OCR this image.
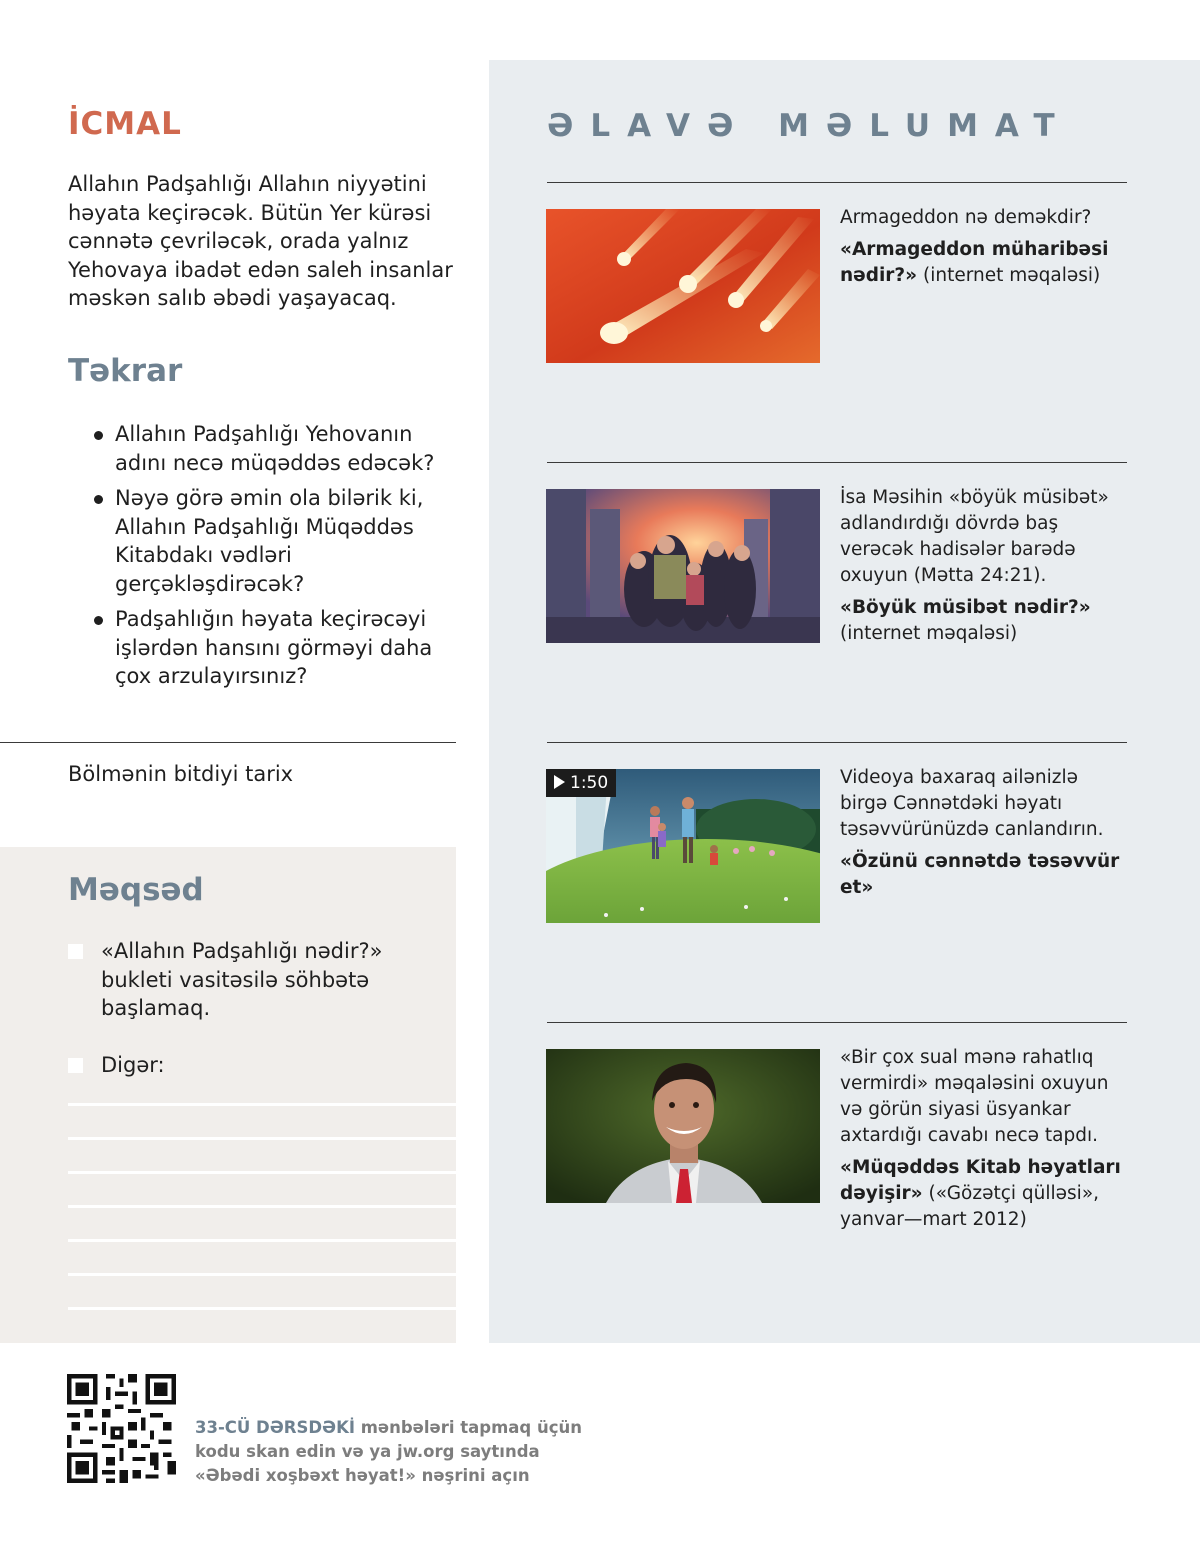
İCMAL

Allahın Padşahlığı Allahın niyyətini həyata keçirəcək. Bütün Yer kürəsi cənnətə çevriləcək, orada yalnız Yehovaya ibadət edən saleh insanlar məskən salıb əbədi yaşayacaq.

Təkrar
Allahın Padşahlığı Yehovanın adını necə müqəddəs edəcək?
Nəyə görə əmin ola bilərik ki, Allahın Padşahlığı Müqəddəs Kitabdakı vədləri gerçəkləşdirəcək?
Padşahlığın həyata keçirəcəyi işlərdən hansını görməyi daha çox arzulayırsınız?
Bölmənin bitdiyi tarix
Məqsəd
«Allahın Padşahlığı nədir?» bukleti vasitəsilə söhbətə başlamaq.
Digər:
ƏLAVƏ MƏLUMAT
Armageddon nə deməkdir?
«Armageddon müharibəsi nədir?» (internet məqaləsi)
İsa Məsihin «böyük müsibət» adlandırdığı dövrdə baş verəcək hadisələr barədə oxuyun (Mətta 24:21).
«Böyük müsibət nədir?» (internet məqaləsi)
1:50	Videoya baxaraq ailənizlə birgə Cənnətdəki həyatı təsəvvürünüzdə canlandırın.
«Özünü cənnətdə təsəvvür et»
«Bir çox sual mənə rahatlıq vermirdi» məqaləsini oxuyun və görün siyasi üsyankar axtardığı cavabı necə tapdı.
«Müqəddəs Kitab həyatları dəyişir» («Gözətçi qülləsi», yanvar—mart 2012)
33-CÜ DƏRSDƏKİ mənbələri tapmaq üçün
kodu skan edin və ya jw.org saytında
«Əbədi xoşbəxt həyat!» nəşrini açın
